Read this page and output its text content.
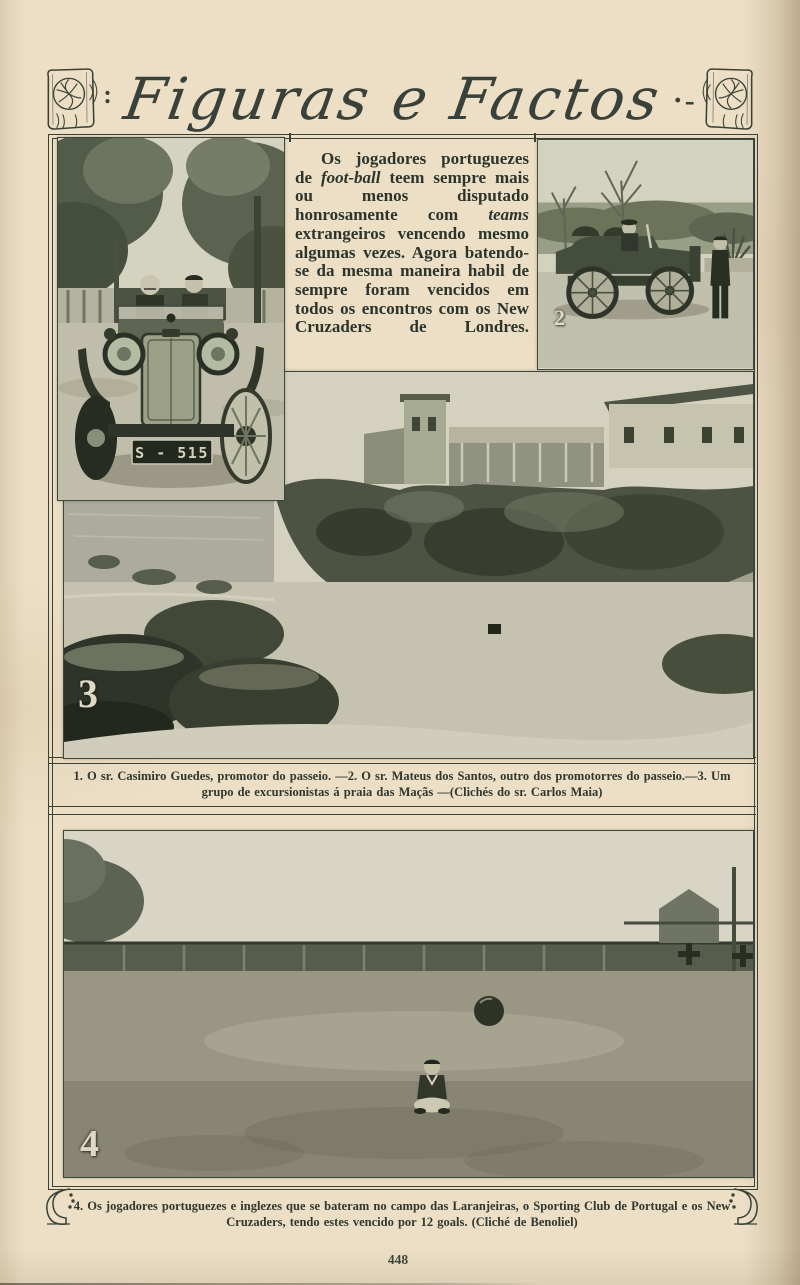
: Figuras e Factos ·-
S - 515

Os jogadores portuguezes de foot-ball teem sempre mais ou menos disputado honrosamente com teams extrangeiros vencendo mesmo algumas vezes. Agora batendo-se da mesma maneira habil de sempre foram vencidos em todos os encontros com os New Cruzaders de Londres. 2
3
1. O sr. Casimiro Guedes, promotor do passeio. —2. O sr. Mateus dos Santos, outro dos promotorres do passeio.—3. Um grupo de excursionistas á praia das Maçãs —(Clichés do sr. Carlos Maia)
4
4. Os jogadores portuguezes e inglezes que se bateram no campo das Laranjeiras, o Sporting Club de Portugal e os New Cruzaders, tendo estes vencido por 12 goals. (Cliché de Benoliel)
448
